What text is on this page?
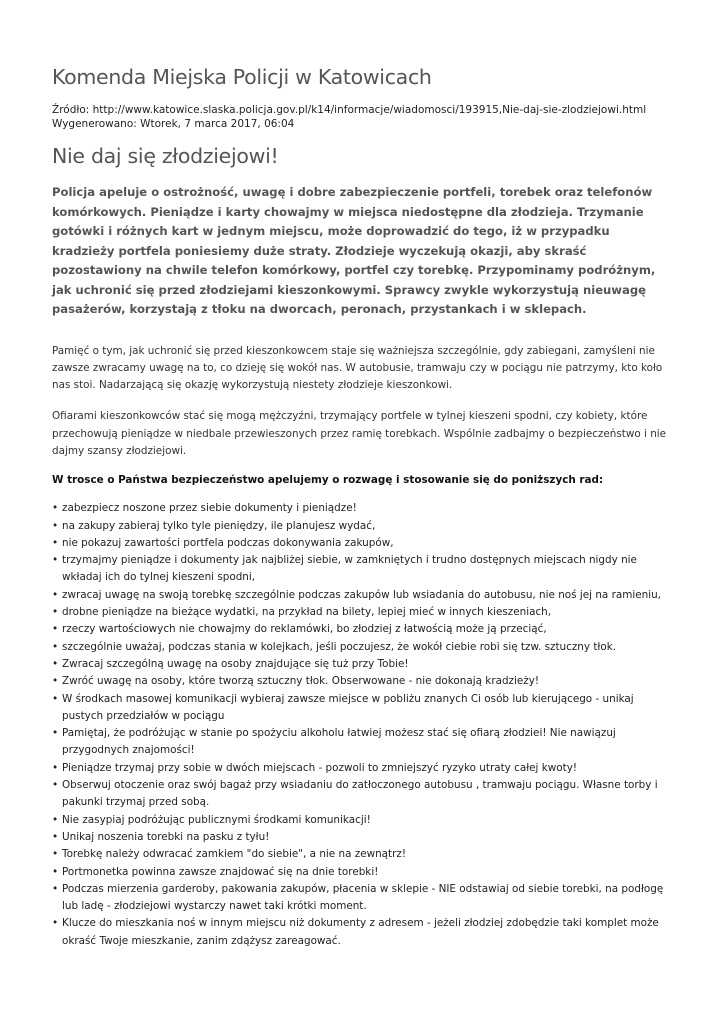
Komenda Miejska Policji w Katowicach
Źródło: http://www.katowice.slaska.policja.gov.pl/k14/informacje/wiadomosci/193915,Nie-daj-sie-zlodziejowi.html
Wygenerowano: Wtorek, 7 marca 2017, 06:04
Nie daj się złodziejowi!
Policja apeluje o ostrożność, uwagę i dobre zabezpieczenie portfeli, torebek oraz telefonów komórkowych. Pieniądze i karty chowajmy w miejsca niedostępne dla złodzieja. Trzymanie gotówki i różnych kart w jednym miejscu, może doprowadzić do tego, iż w przypadku kradzieży portfela poniesiemy duże straty. Złodzieje wyczekują okazji, aby skraść pozostawiony na chwile telefon komórkowy, portfel czy torebkę. Przypominamy podróżnym, jak uchronić się przed złodziejami kieszonkowymi. Sprawcy zwykle wykorzystują nieuwagę pasażerów, korzystają z tłoku na dworcach, peronach, przystankach i w sklepach.
Pamięć o tym, jak uchronić się przed kieszonkowcem staje się ważniejsza szczególnie, gdy zabiegani, zamyśleni nie zawsze zwracamy uwagę na to, co dzieję się wokół nas. W autobusie, tramwaju czy w pociągu nie patrzymy, kto koło nas stoi. Nadarzającą się okazję wykorzystują niestety złodzieje kieszonkowi.
Ofiarami kieszonkowców stać się mogą mężczyźni, trzymający portfele w tylnej kieszeni spodni, czy kobiety, które przechowują pieniądze w niedbale przewieszonych przez ramię torebkach. Wspólnie zadbajmy o bezpieczeństwo i nie dajmy szansy złodziejowi.
W trosce o Państwa bezpieczeństwo apelujemy o rozwagę i stosowanie się do poniższych rad:
• zabezpiecz noszone przez siebie dokumenty i pieniądze!
• na zakupy zabieraj tylko tyle pieniędzy, ile planujesz wydać,
• nie pokazuj zawartości portfela podczas dokonywania zakupów,
• trzymajmy pieniądze i dokumenty jak najbliżej siebie, w zamkniętych i trudno dostępnych miejscach nigdy nie wkładaj ich do tylnej kieszeni spodni,
• zwracaj uwagę na swoją torebkę szczególnie podczas zakupów lub wsiadania do autobusu, nie noś jej na ramieniu,
• drobne pieniądze na bieżące wydatki, na przykład na bilety, lepiej mieć w innych kieszeniach,
• rzeczy wartościowych nie chowajmy do reklamówki, bo złodziej z łatwością może ją przeciąć,
• szczególnie uważaj, podczas stania w kolejkach, jeśli poczujesz, że wokół ciebie robi się tzw. sztuczny tłok.
• Zwracaj szczególną uwagę na osoby znajdujące się tuż przy Tobie!
• Zwróć uwagę na osoby, które tworzą sztuczny tłok. Obserwowane - nie dokonają kradzieży!
• W środkach masowej komunikacji wybieraj zawsze miejsce w pobliżu znanych Ci osób lub kierującego - unikaj pustych przedziałów w pociągu
• Pamiętaj, że podróżując w stanie po spożyciu alkoholu łatwiej możesz stać się ofiarą złodziei! Nie nawiązuj przygodnych znajomości!
• Pieniądze trzymaj przy sobie w dwóch miejscach - pozwoli to zmniejszyć ryzyko utraty całej kwoty!
• Obserwuj otoczenie oraz swój bagaż przy wsiadaniu do zatłoczonego autobusu , tramwaju pociągu. Własne torby i pakunki trzymaj przed sobą.
• Nie zasypiaj podróżując publicznymi środkami komunikacji!
• Unikaj noszenia torebki na pasku z tyłu!
• Torebkę należy odwracać zamkiem "do siebie", a nie na zewnątrz!
• Portmonetka powinna zawsze znajdować się na dnie torebki!
• Podczas mierzenia garderoby, pakowania zakupów, płacenia w sklepie - NIE odstawiaj od siebie torebki, na podłogę lub ladę - złodziejowi wystarczy nawet taki krótki moment.
• Klucze do mieszkania noś w innym miejscu niż dokumenty z adresem - jeżeli złodziej zdobędzie taki komplet może okraść Twoje mieszkanie, zanim zdążysz zareagować.
